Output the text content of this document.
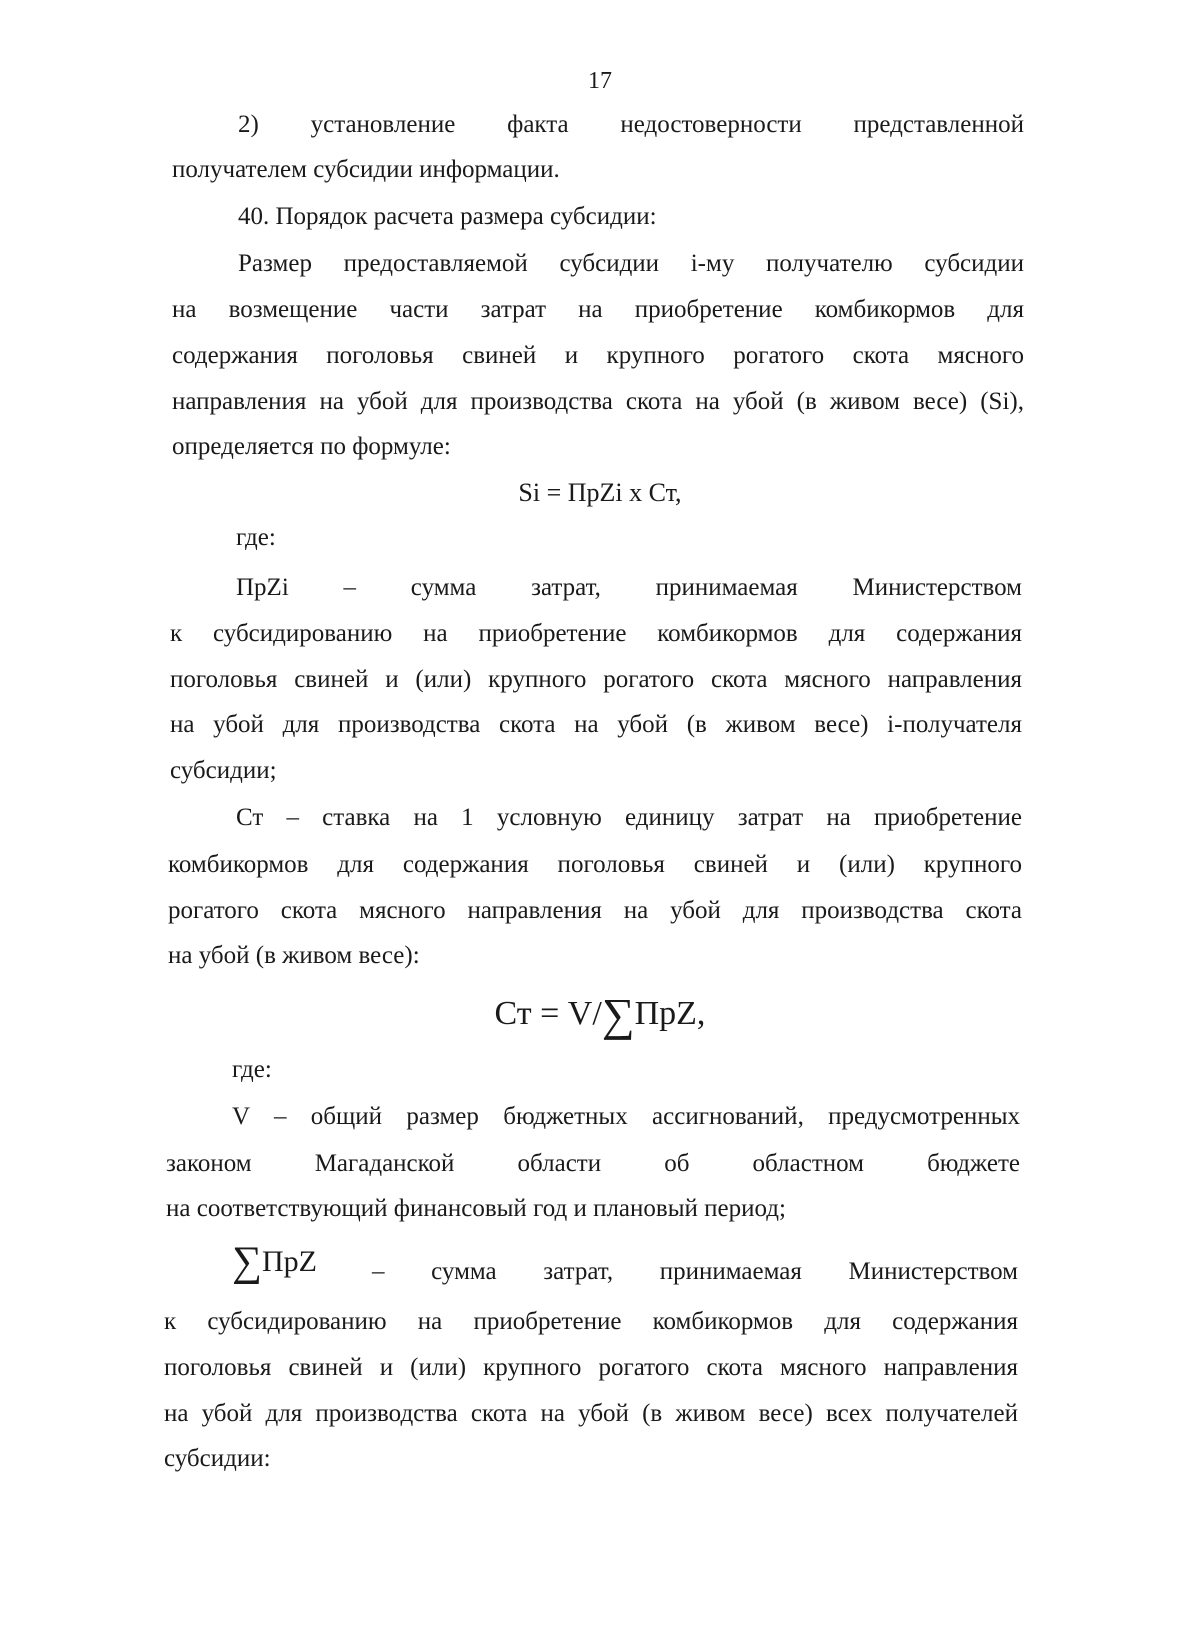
17
2)     установление     факта     недостоверности     представленной
получателем субсидии информации.
40. Порядок расчета размера субсидии:
Размер предоставляемой субсидии i-му получателю субсидии
на возмещение части затрат на приобретение комбикормов для
содержания поголовья свиней и крупного рогатого скота мясного
направления на убой для производства скота на убой (в живом весе) (Si),
определяется по формуле:
Si = ПрZi x Ст,
где:
ПрZi     –     сумма     затрат,     принимаемая     Министерством
к субсидированию на приобретение комбикормов для содержания
поголовья свиней и (или) крупного рогатого скота мясного направления
на убой для производства скота на убой (в живом весе) i-получателя
субсидии;
Ст – ставка на 1 условную единицу затрат на приобретение
комбикормов для содержания поголовья свиней и (или) крупного
рогатого скота мясного направления на убой для производства скота
на убой (в живом весе):
Ст = V/∑ПрZ,
где:
V – общий размер бюджетных ассигнований, предусмотренных
законом     Магаданской     области     об     областном     бюджете
на соответствующий финансовый год и плановый период;
∑ПрZ –     сумма     затрат,     принимаемая     Министерством
к субсидированию на приобретение комбикормов для содержания
поголовья свиней и (или) крупного рогатого скота мясного направления
на убой для производства скота на убой (в живом весе) всех получателей
субсидии:
